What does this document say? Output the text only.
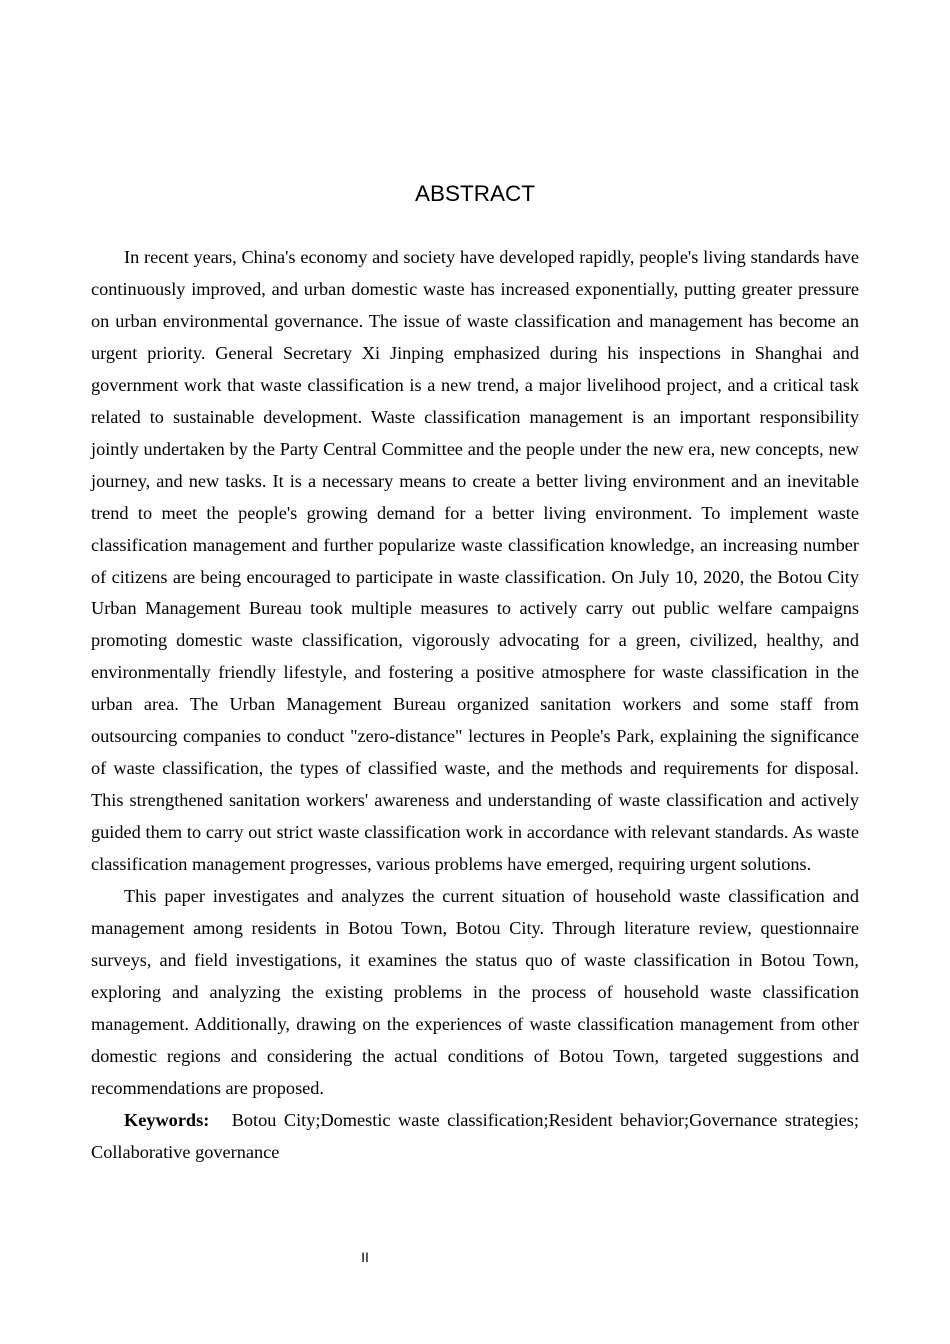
ABSTRACT

In recent years, China's economy and society have developed rapidly, people's living standards have continuously improved, and urban domestic waste has increased exponentially, putting greater pressure on urban environmental governance. The issue of waste classification and management has become an urgent priority. General Secretary Xi Jinping emphasized during his inspections in Shanghai and government work that waste classification is a new trend, a major livelihood project, and a critical task related to sustainable development. Waste classification management is an important responsibility jointly undertaken by the Party Central Committee and the people under the new era, new concepts, new journey, and new tasks. It is a necessary means to create a better living environment and an inevitable trend to meet the people's growing demand for a better living environment. To implement waste classification management and further popularize waste classification knowledge, an increasing number of citizens are being encouraged to participate in waste classification. On July 10, 2020, the Botou City Urban Management Bureau took multiple measures to actively carry out public welfare campaigns promoting domestic waste classification, vigorously advocating for a green, civilized, healthy, and environmentally friendly lifestyle, and fostering a positive atmosphere for waste classification in the urban area. The Urban Management Bureau organized sanitation workers and some staff from outsourcing companies to conduct "zero-distance" lectures in People's Park, explaining the significance of waste classification, the types of classified waste, and the methods and requirements for disposal. This strengthened sanitation workers' awareness and understanding of waste classification and actively guided them to carry out strict waste classification work in accordance with relevant standards. As waste classification management progresses, various problems have emerged, requiring urgent solutions.

This paper investigates and analyzes the current situation of household waste classification and management among residents in Botou Town, Botou City. Through literature review, questionnaire surveys, and field investigations, it examines the status quo of waste classification in Botou Town, exploring and analyzing the existing problems in the process of household waste classification management. Additionally, drawing on the experiences of waste classification management from other domestic regions and considering the actual conditions of Botou Town, targeted suggestions and recommendations are proposed.

Keywords: Botou City;Domestic waste classification;Resident behavior;Governance strategies; Collaborative governance

II
